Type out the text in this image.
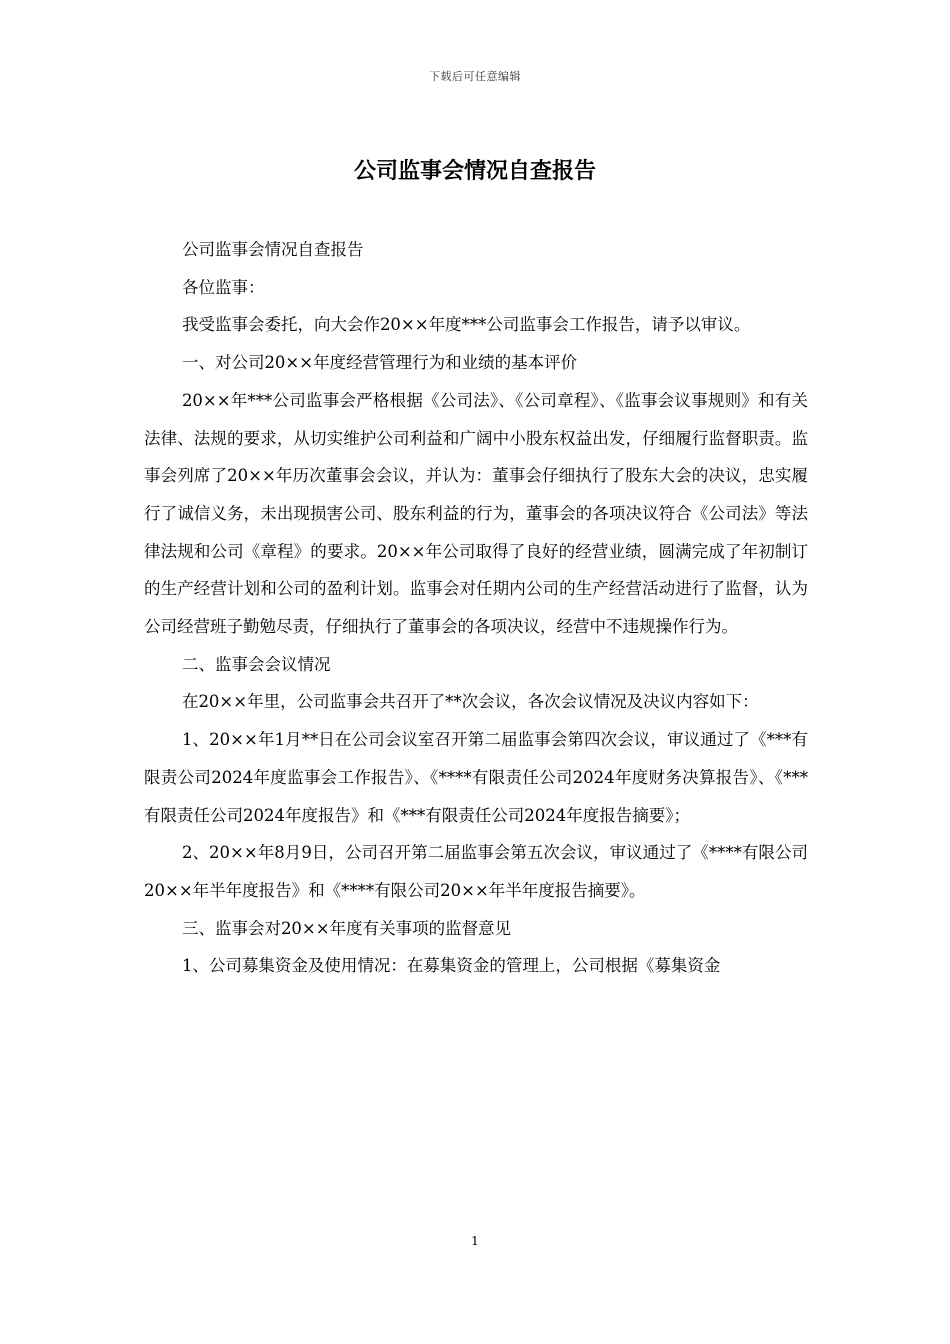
下载后可任意编辑
公司监事会情况自查报告

公司监事会情况自查报告

各位监事：

我受监事会委托，向大会作20××年度***公司监事会工作报告，请予以审议。

一、对公司20××年度经营管理行为和业绩的基本评价

20××年***公司监事会严格根据《公司法》、《公司章程》、《监事会议事规则》和有关法律、法规的要求，从切实维护公司利益和广阔中小股东权益出发，仔细履行监督职责。监事会列席了20××年历次董事会会议，并认为：董事会仔细执行了股东大会的决议，忠实履行了诚信义务，未出现损害公司、股东利益的行为，董事会的各项决议符合《公司法》等法律法规和公司《章程》的要求。20××年公司取得了良好的经营业绩，圆满完成了年初制订的生产经营计划和公司的盈利计划。监事会对任期内公司的生产经营活动进行了监督，认为公司经营班子勤勉尽责，仔细执行了董事会的各项决议，经营中不违规操作行为。

二、监事会会议情况

在20××年里，公司监事会共召开了**次会议，各次会议情况及决议内容如下：

1、20××年1月**日在公司会议室召开第二届监事会第四次会议，审议通过了《***有限责公司2024年度监事会工作报告》、《****有限责任公司2024年度财务决算报告》、《***有限责任公司2024年度报告》和《***有限责任公司2024年度报告摘要》；

2、20××年8月9日，公司召开第二届监事会第五次会议，审议通过了《****有限公司20××年半年度报告》和《****有限公司20××年半年度报告摘要》。

三、监事会对20××年度有关事项的监督意见

1、公司募集资金及使用情况：在募集资金的管理上，公司根据《募集资金

1
